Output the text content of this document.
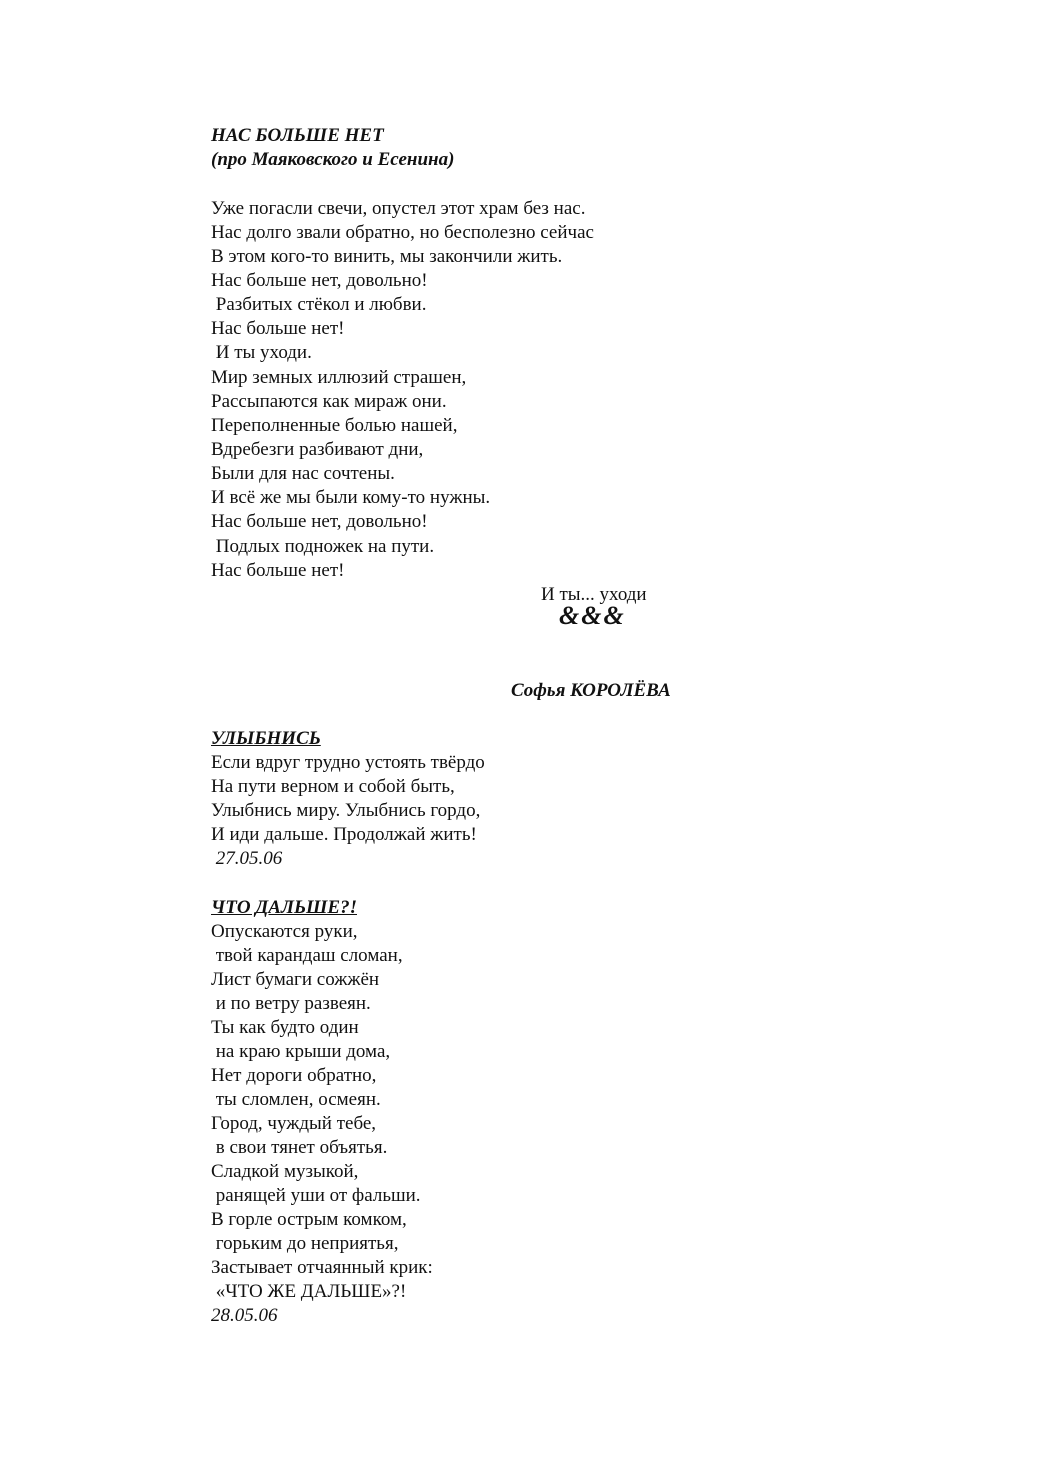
НАС БОЛЬШЕ НЕТ
(про Маяковского и Есенина)
Уже погасли свечи, опустел этот храм без нас.
Нас долго звали обратно, но бесполезно сейчас
В этом кого-то винить, мы закончили жить.
Нас больше нет, довольно!
Разбитых стёкол и любви.
Нас больше нет!
И ты уходи.
Мир земных иллюзий страшен,
Рассыпаются как мираж они.
Переполненные болью нашей,
Вдребезги разбивают дни,
Были для нас сочтены.
И всё же мы были кому-то нужны.
Нас больше нет, довольно!
Подлых подножек на пути.
Нас больше нет!
И ты... уходи
&&&
Софья КОРОЛЁВА
УЛЫБНИСЬ
Если вдруг трудно устоять твёрдо
На пути верном и собой быть,
Улыбнись миру. Улыбнись гордо,
И иди дальше. Продолжай жить!
27.05.06
ЧТО ДАЛЬШЕ?!
Опускаются руки,
твой карандаш сломан,
Лист бумаги сожжён
и по ветру развеян.
Ты как будто один
на краю крыши дома,
Нет дороги обратно,
ты сломлен, осмеян.
Город, чуждый тебе,
в свои тянет объятья.
Сладкой музыкой,
ранящей уши от фальши.
В горле острым комком,
горьким до неприятья,
Застывает отчаянный крик:
«ЧТО ЖЕ ДАЛЬШЕ»?!
28.05.06
